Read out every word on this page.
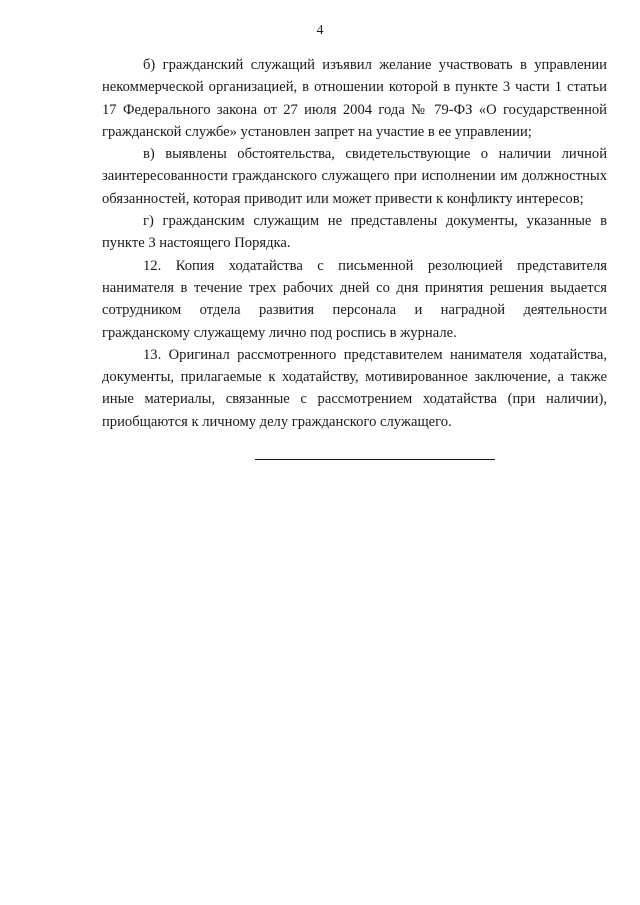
4

б) гражданский служащий изъявил желание участвовать в управлении некоммерческой организацией, в отношении которой в пункте 3 части 1 статьи 17 Федерального закона от 27 июля 2004 года № 79-ФЗ «О государственной гражданской службе» установлен запрет на участие в ее управлении;

в) выявлены обстоятельства, свидетельствующие о наличии личной заинтересованности гражданского служащего при исполнении им должностных обязанностей, которая приводит или может привести к конфликту интересов;

г) гражданским служащим не представлены документы, указанные в пункте 3 настоящего Порядка.

12. Копия ходатайства с письменной резолюцией представителя нанимателя в течение трех рабочих дней со дня принятия решения выдается сотрудником отдела развития персонала и наградной деятельности гражданскому служащему лично под роспись в журнале.

13. Оригинал рассмотренного представителем нанимателя ходатайства, документы, прилагаемые к ходатайству, мотивированное заключение, а также иные материалы, связанные с рассмотрением ходатайства (при наличии), приобщаются к личному делу гражданского служащего.
